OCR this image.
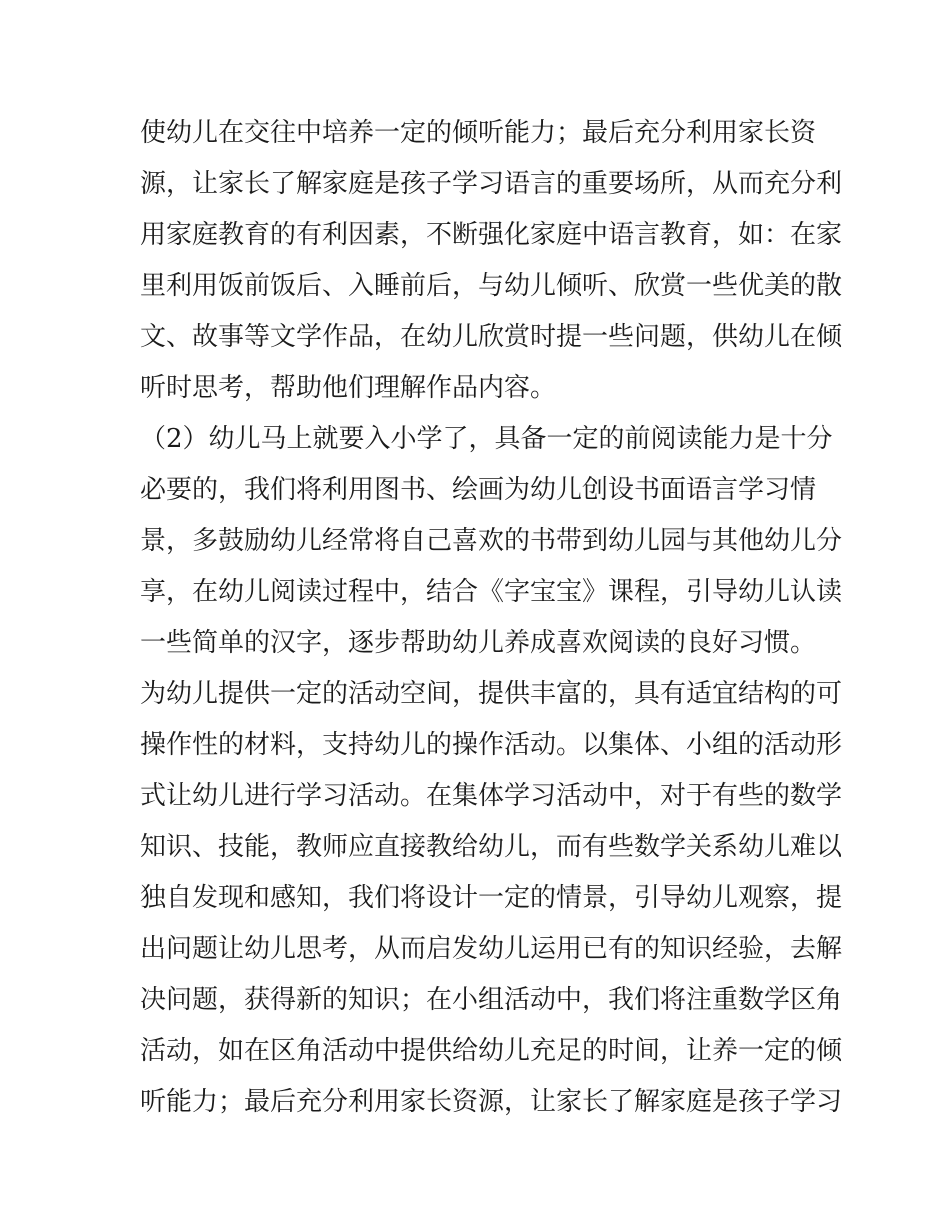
使幼儿在交往中培养一定的倾听能力；最后充分利用家长资
源，让家长了解家庭是孩子学习语言的重要场所，从而充分利
用家庭教育的有利因素，不断强化家庭中语言教育，如：在家
里利用饭前饭后、入睡前后，与幼儿倾听、欣赏一些优美的散
文、故事等文学作品，在幼儿欣赏时提一些问题，供幼儿在倾
听时思考，帮助他们理解作品内容。
（2）幼儿马上就要入小学了，具备一定的前阅读能力是十分
必要的，我们将利用图书、绘画为幼儿创设书面语言学习情
景，多鼓励幼儿经常将自己喜欢的书带到幼儿园与其他幼儿分
享，在幼儿阅读过程中，结合《字宝宝》课程，引导幼儿认读
一些简单的汉字，逐步帮助幼儿养成喜欢阅读的良好习惯。
为幼儿提供一定的活动空间，提供丰富的，具有适宜结构的可
操作性的材料，支持幼儿的操作活动。以集体、小组的活动形
式让幼儿进行学习活动。在集体学习活动中，对于有些的数学
知识、技能，教师应直接教给幼儿，而有些数学关系幼儿难以
独自发现和感知，我们将设计一定的情景，引导幼儿观察，提
出问题让幼儿思考，从而启发幼儿运用已有的知识经验，去解
决问题，获得新的知识；在小组活动中，我们将注重数学区角
活动，如在区角活动中提供给幼儿充足的时间，让养一定的倾
听能力；最后充分利用家长资源，让家长了解家庭是孩子学习
